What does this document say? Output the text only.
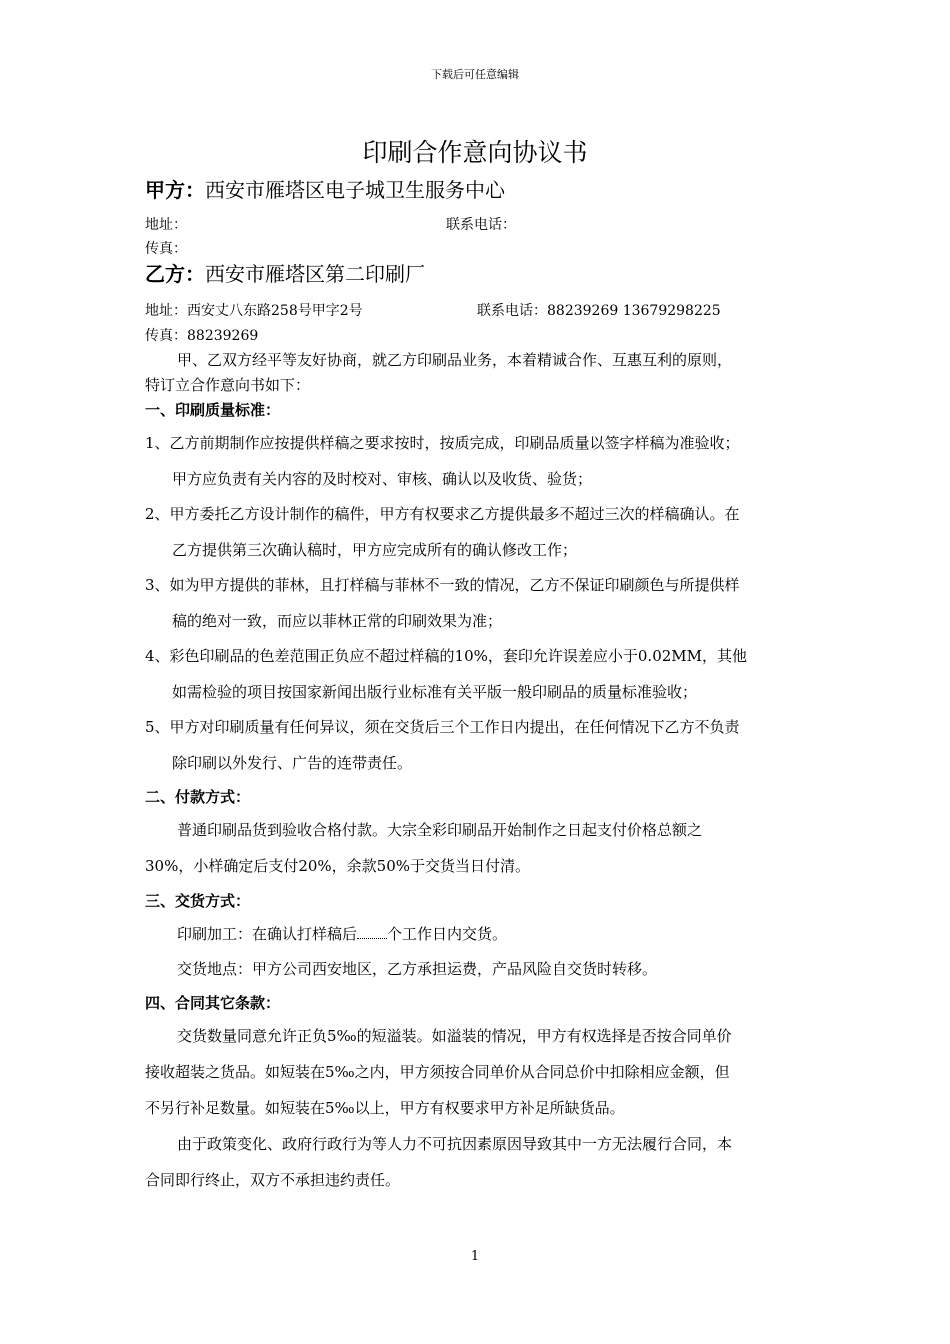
下载后可任意编辑
印刷合作意向协议书
甲方：西安市雁塔区电子城卫生服务中心
地址：	联系电话：
传真：
乙方：西安市雁塔区第二印刷厂
地址：西安丈八东路258号甲字2号	联系电话：88239269 13679298225
传真：88239269
甲、乙双方经平等友好协商，就乙方印刷品业务，本着精诚合作、互惠互利的原则，
特订立合作意向书如下：
一、印刷质量标准：
1、乙方前期制作应按提供样稿之要求按时，按质完成，印刷品质量以签字样稿为准验收；
甲方应负责有关内容的及时校对、审核、确认以及收货、验货；
2、甲方委托乙方设计制作的稿件，甲方有权要求乙方提供最多不超过三次的样稿确认。在
乙方提供第三次确认稿时，甲方应完成所有的确认修改工作；
3、如为甲方提供的菲林，且打样稿与菲林不一致的情况，乙方不保证印刷颜色与所提供样
稿的绝对一致，而应以菲林正常的印刷效果为准；
4、彩色印刷品的色差范围正负应不超过样稿的10%，套印允许误差应小于0.02MM，其他
如需检验的项目按国家新闻出版行业标准有关平版一般印刷品的质量标准验收；
5、甲方对印刷质量有任何异议，须在交货后三个工作日内提出，在任何情况下乙方不负责
除印刷以外发行、广告的连带责任。
二、付款方式：
普通印刷品货到验收合格付款。大宗全彩印刷品开始制作之日起支付价格总额之
30%，小样确定后支付20%，余款50%于交货当日付清。
三、交货方式：
印刷加工：在确认打样稿后 个工作日内交货。
交货地点：甲方公司西安地区，乙方承担运费，产品风险自交货时转移。
四、合同其它条款：
交货数量同意允许正负5‰的短溢装。如溢装的情况，甲方有权选择是否按合同单价
接收超装之货品。如短装在5‰之内，甲方须按合同单价从合同总价中扣除相应金额，但
不另行补足数量。如短装在5‰以上，甲方有权要求甲方补足所缺货品。
由于政策变化、政府行政行为等人力不可抗因素原因导致其中一方无法履行合同，本
合同即行终止，双方不承担违约责任。
1
